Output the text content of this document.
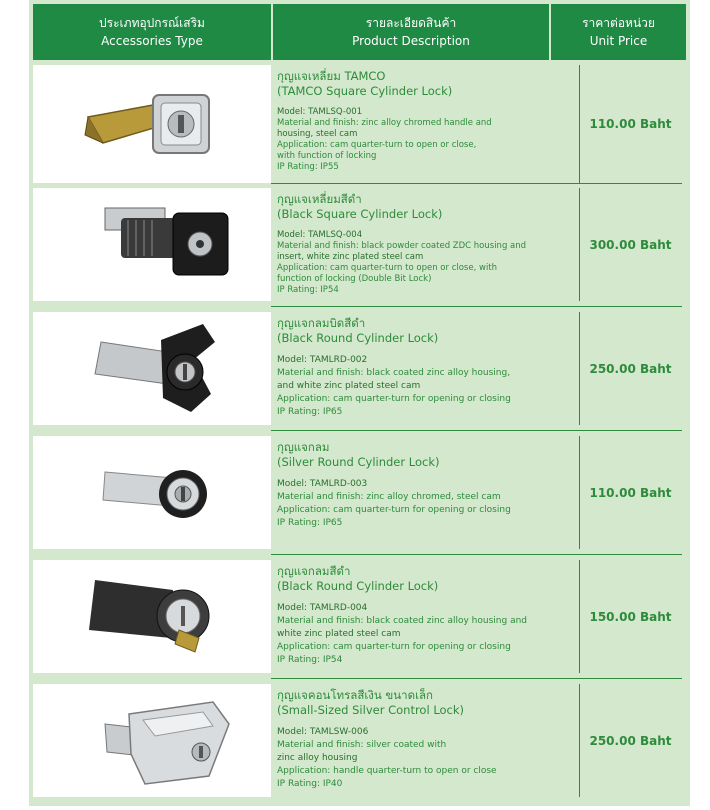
ประเภทอุปกรณ์เสริม
Accessories Type
รายละเอียดสินค้า
Product Description
ราคาต่อหน่วย
Unit Price
กุญแจเหลี่ยม TAMCO
(TAMCO Square Cylinder Lock)
Model: TAMLSQ-001
Material and finish: zinc alloy chromed handle and
housing, steel cam
Application: cam quarter-turn to open or close,
with function of locking
IP Rating: IP55
110.00 Baht
กุญแจเหลี่ยมสีดำ
(Black Square Cylinder Lock)
Model: TAMLSQ-004
Material and finish: black powder coated ZDC housing and
insert, white zinc plated steel cam
Application: cam quarter-turn to open or close, with
function of locking (Double Bit Lock)
IP Rating: IP54
300.00 Baht
กุญแจกลมบิดสีดำ
(Black Round Cylinder Lock)
Model: TAMLRD-002
Material and finish: black coated zinc alloy housing,
and white zinc plated steel cam
Application: cam quarter-turn for opening or closing
IP Rating: IP65
250.00 Baht
กุญแจกลม
(Silver Round Cylinder Lock)
Model: TAMLRD-003
Material and finish: zinc alloy chromed, steel cam
Application: cam quarter-turn for opening or closing
IP Rating: IP65
110.00 Baht
กุญแจกลมสีดำ
(Black Round Cylinder Lock)
Model: TAMLRD-004
Material and finish: black coated zinc alloy housing and
white zinc plated steel cam
Application: cam quarter-turn for opening or closing
IP Rating: IP54
150.00 Baht
กุญแจคอนโทรลสีเงิน ขนาดเล็ก
(Small-Sized Silver Control Lock)
Model: TAMLSW-006
Material and finish: silver coated with
zinc alloy housing
Application: handle quarter-turn to open or close
IP Rating: IP40
250.00 Baht
